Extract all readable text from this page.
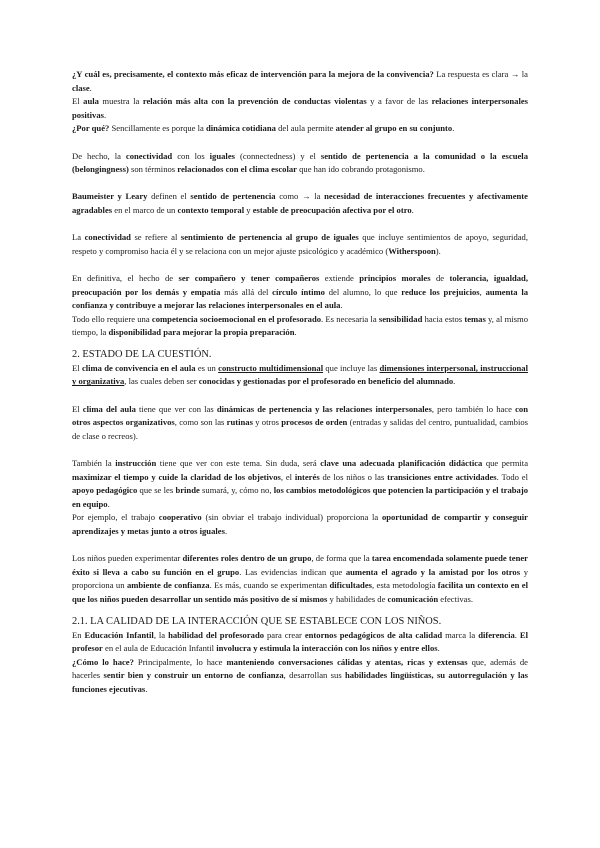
¿Y cuál es, precisamente, el contexto más eficaz de intervención para la mejora de la convivencia? La respuesta es clara → la clase.

El aula muestra la relación más alta con la prevención de conductas violentas y a favor de las relaciones interpersonales positivas.

¿Por qué? Sencillamente es porque la dinámica cotidiana del aula permite atender al grupo en su conjunto.

De hecho, la conectividad con los iguales (connectedness) y el sentido de pertenencia a la comunidad o la escuela (belongingness) son términos relacionados con el clima escolar que han ido cobrando protagonismo.

Baumeister y Leary definen el sentido de pertenencia como → la necesidad de interacciones frecuentes y afectivamente agradables en el marco de un contexto temporal y estable de preocupación afectiva por el otro.

La conectividad se refiere al sentimiento de pertenencia al grupo de iguales que incluye sentimientos de apoyo, seguridad, respeto y compromiso hacia él y se relaciona con un mejor ajuste psicológico y académico (Witherspoon).

En definitiva, el hecho de ser compañero y tener compañeros extiende principios morales de tolerancia, igualdad, preocupación por los demás y empatía más allá del círculo íntimo del alumno, lo que reduce los prejuicios, aumenta la confianza y contribuye a mejorar las relaciones interpersonales en el aula.

Todo ello requiere una competencia socioemocional en el profesorado. Es necesaria la sensibilidad hacia estos temas y, al mismo tiempo, la disponibilidad para mejorar la propia preparación.

2. ESTADO DE LA CUESTIÓN.

El clima de convivencia en el aula es un constructo multidimensional que incluye las dimensiones interpersonal, instruccional y organizativa, las cuales deben ser conocidas y gestionadas por el profesorado en beneficio del alumnado.

El clima del aula tiene que ver con las dinámicas de pertenencia y las relaciones interpersonales, pero también lo hace con otros aspectos organizativos, como son las rutinas y otros procesos de orden (entradas y salidas del centro, puntualidad, cambios de clase o recreos).

También la instrucción tiene que ver con este tema. Sin duda, será clave una adecuada planificación didáctica que permita maximizar el tiempo y cuide la claridad de los objetivos, el interés de los niños o las transiciones entre actividades. Todo el apoyo pedagógico que se les brinde sumará, y, cómo no, los cambios metodológicos que potencien la participación y el trabajo en equipo.

Por ejemplo, el trabajo cooperativo (sin obviar el trabajo individual) proporciona la oportunidad de compartir y conseguir aprendizajes y metas junto a otros iguales.

Los niños pueden experimentar diferentes roles dentro de un grupo, de forma que la tarea encomendada solamente puede tener éxito si lleva a cabo su función en el grupo. Las evidencias indican que aumenta el agrado y la amistad por los otros y proporciona un ambiente de confianza. Es más, cuando se experimentan dificultades, esta metodología facilita un contexto en el que los niños pueden desarrollar un sentido más positivo de sí mismos y habilidades de comunicación efectivas.

2.1. LA CALIDAD DE LA INTERACCIÓN QUE SE ESTABLECE CON LOS NIÑOS.

En Educación Infantil, la habilidad del profesorado para crear entornos pedagógicos de alta calidad marca la diferencia. El profesor en el aula de Educación Infantil involucra y estimula la interacción con los niños y entre ellos.

¿Cómo lo hace? Principalmente, lo hace manteniendo conversaciones cálidas y atentas, ricas y extensas que, además de hacerles sentir bien y construir un entorno de confianza, desarrollan sus habilidades lingüísticas, su autorregulación y las funciones ejecutivas.
